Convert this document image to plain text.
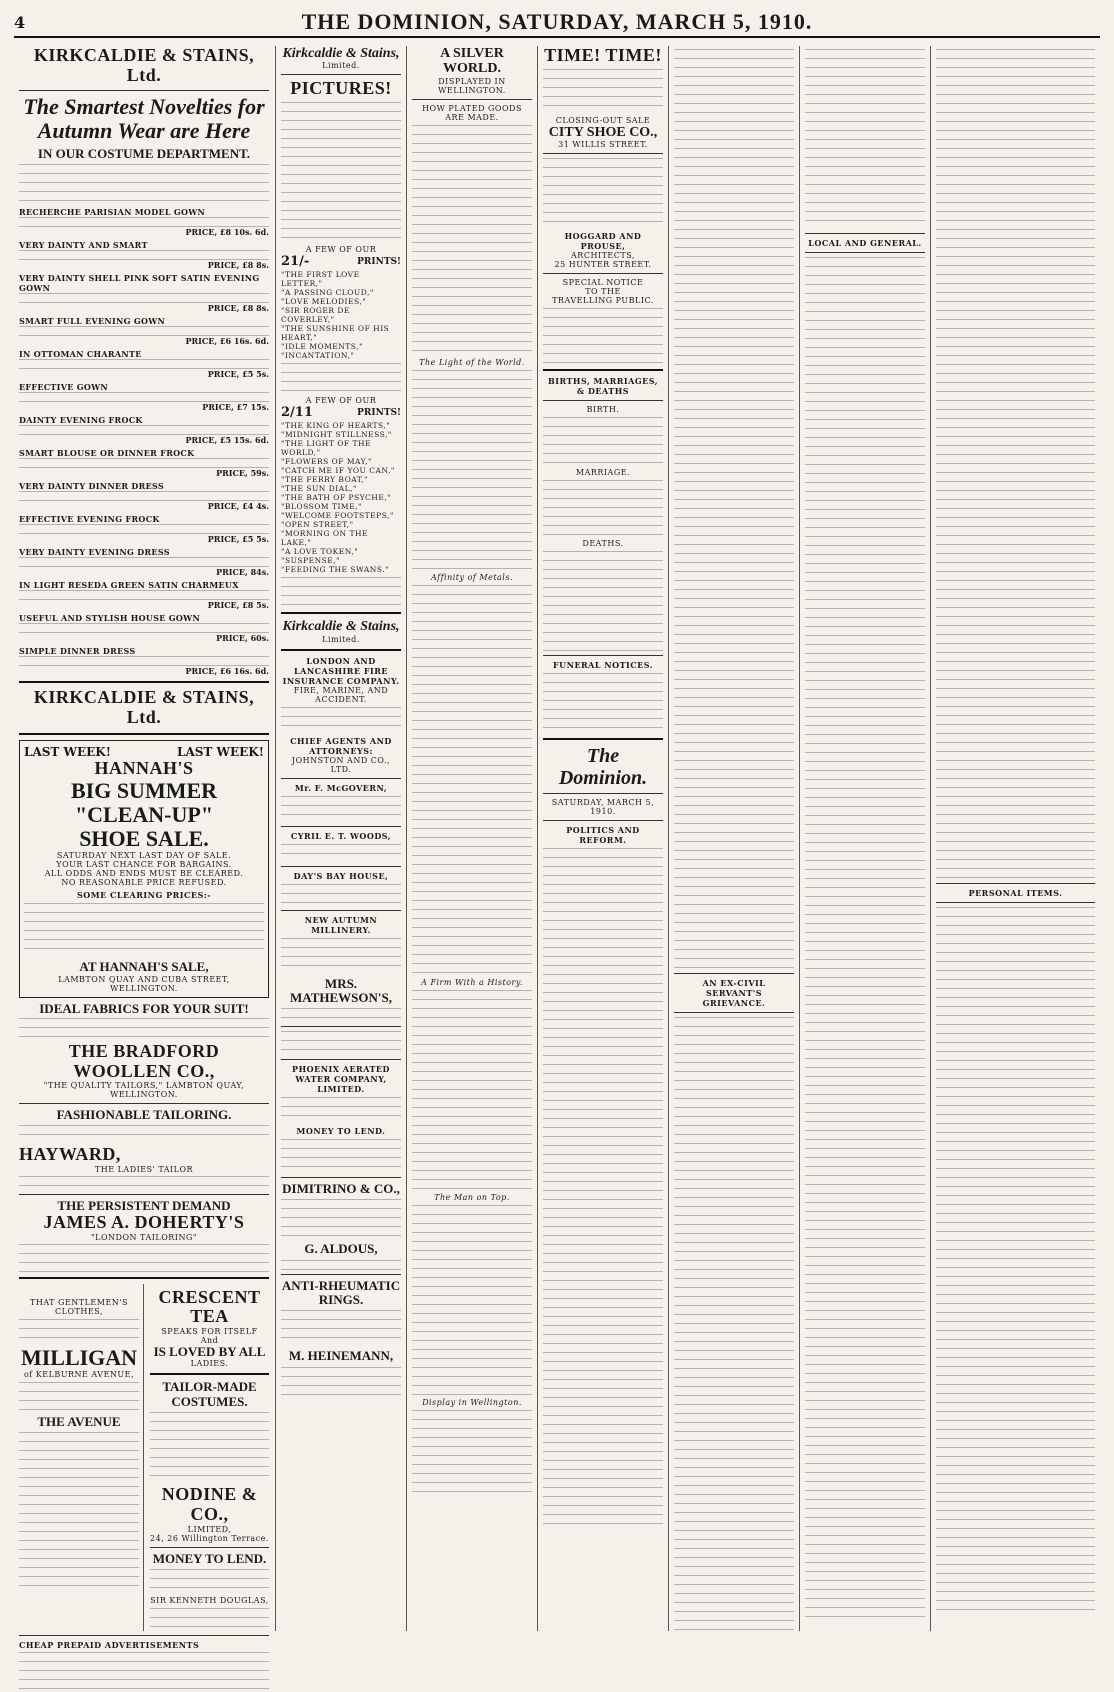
4	THE DOMINION, SATURDAY, MARCH 5, 1910.
KIRKCALDIE & STAINS, Ltd.
The Smartest Novelties for Autumn Wear are Here
IN OUR COSTUME DEPARTMENT.
RECHERCHE PARISIAN MODEL GOWN
PRICE, £8 10s. 6d.
VERY DAINTY AND SMART
PRICE, £8 8s.
VERY DAINTY SHELL PINK SOFT SATIN EVENING GOWN
PRICE, £8 8s.
SMART FULL EVENING GOWN
PRICE, £6 16s. 6d.
IN OTTOMAN CHARANTE
PRICE, £5 5s.
EFFECTIVE GOWN
PRICE, £7 15s.
DAINTY EVENING FROCK
PRICE, £5 15s. 6d.
SMART BLOUSE OR DINNER FROCK
PRICE, 59s.
VERY DAINTY DINNER DRESS
PRICE, £4 4s.
EFFECTIVE EVENING FROCK
PRICE, £5 5s.
VERY DAINTY EVENING DRESS
PRICE, 84s.
IN LIGHT RESEDA GREEN SATIN CHARMEUX
PRICE, £8 5s.
USEFUL AND STYLISH HOUSE GOWN
PRICE, 60s.
SIMPLE DINNER DRESS
PRICE, £6 16s. 6d.
KIRKCALDIE & STAINS, Ltd.
LAST WEEK!	LAST WEEK!
HANNAH'S
BIG SUMMER "CLEAN-UP"
SHOE SALE.
SATURDAY NEXT LAST DAY OF SALE.
YOUR LAST CHANCE FOR BARGAINS.
ALL ODDS AND ENDS MUST BE CLEARED.
NO REASONABLE PRICE REFUSED.
SOME CLEARING PRICES:-
AT HANNAH'S SALE,
LAMBTON QUAY AND CUBA STREET, WELLINGTON.
IDEAL FABRICS FOR YOUR SUIT!
THE BRADFORD WOOLLEN CO.,
"THE QUALITY TAILORS," LAMBTON QUAY, WELLINGTON.
FASHIONABLE TAILORING.
HAYWARD,
THE LADIES' TAILOR
THE PERSISTENT DEMAND
JAMES A. DOHERTY'S
"LONDON TAILORING"
THAT GENTLEMEN'S CLOTHES,
MILLIGAN
of KELBURNE AVENUE,
THE AVENUE
CRESCENT TEA
SPEAKS FOR ITSELF
And
IS LOVED BY ALL
LADIES.
TAILOR-MADE COSTUMES.
NODINE & CO.,
LIMITED,
24, 26 Willington Terrace.
MONEY TO LEND.
SIR KENNETH DOUGLAS,
CHEAP PREPAID ADVERTISEMENTS
Kirkcaldie & Stains,
Limited.
PICTURES!
A FEW OF OUR
21/-	PRINTS!
"THE FIRST LOVE LETTER,"
"A PASSING CLOUD,"
"LOVE MELODIES,"
"SIR ROGER DE COVERLEY,"
"THE SUNSHINE OF HIS HEART,"
"IDLE MOMENTS,"
"INCANTATION,"
A FEW OF OUR
2/11	PRINTS!
"THE KING OF HEARTS,"
"MIDNIGHT STILLNESS,"
"THE LIGHT OF THE WORLD,"
"FLOWERS OF MAY,"
"CATCH ME IF YOU CAN,"
"THE FERRY BOAT,"
"THE SUN DIAL,"
"THE BATH OF PSYCHE,"
"BLOSSOM TIME,"
"WELCOME FOOTSTEPS,"
"OPEN STREET,"
"MORNING ON THE LAKE,"
"A LOVE TOKEN,"
"SUSPENSE,"
"FEEDING THE SWANS."
Kirkcaldie & Stains,
Limited.
LONDON AND LANCASHIRE FIRE INSURANCE COMPANY.
FIRE, MARINE, AND ACCIDENT.
CHIEF AGENTS AND ATTORNEYS:
JOHNSTON AND CO., LTD.
Mr. F. McGOVERN,
CYRIL E. T. WOODS,
DAY'S BAY HOUSE,
NEW AUTUMN MILLINERY.
MRS. MATHEWSON'S,
PHOENIX AERATED WATER COMPANY, LIMITED.
MONEY TO LEND.
DIMITRINO & CO.,
G. ALDOUS,
ANTI-RHEUMATIC RINGS.
M. HEINEMANN,
A SILVER WORLD.
DISPLAYED IN WELLINGTON.
HOW PLATED GOODS ARE MADE.
The Light of the World.
Affinity of Metals.
A Firm With a History.
The Man on Top.
Display in Wellington.
TIME! TIME!
CLOSING-OUT SALE
CITY SHOE CO.,
31 WILLIS STREET.
HOGGARD AND PROUSE,
ARCHITECTS,
25 HUNTER STREET.
SPECIAL NOTICE
TO THE
TRAVELLING PUBLIC.
BIRTHS, MARRIAGES, & DEATHS
BIRTH.
MARRIAGE.
DEATHS.
FUNERAL NOTICES.
The Dominion.
SATURDAY, MARCH 5, 1910.
POLITICS AND REFORM.
AN EX-CIVIL SERVANT'S GRIEVANCE.
LOCAL AND GENERAL.
PERSONAL ITEMS.
